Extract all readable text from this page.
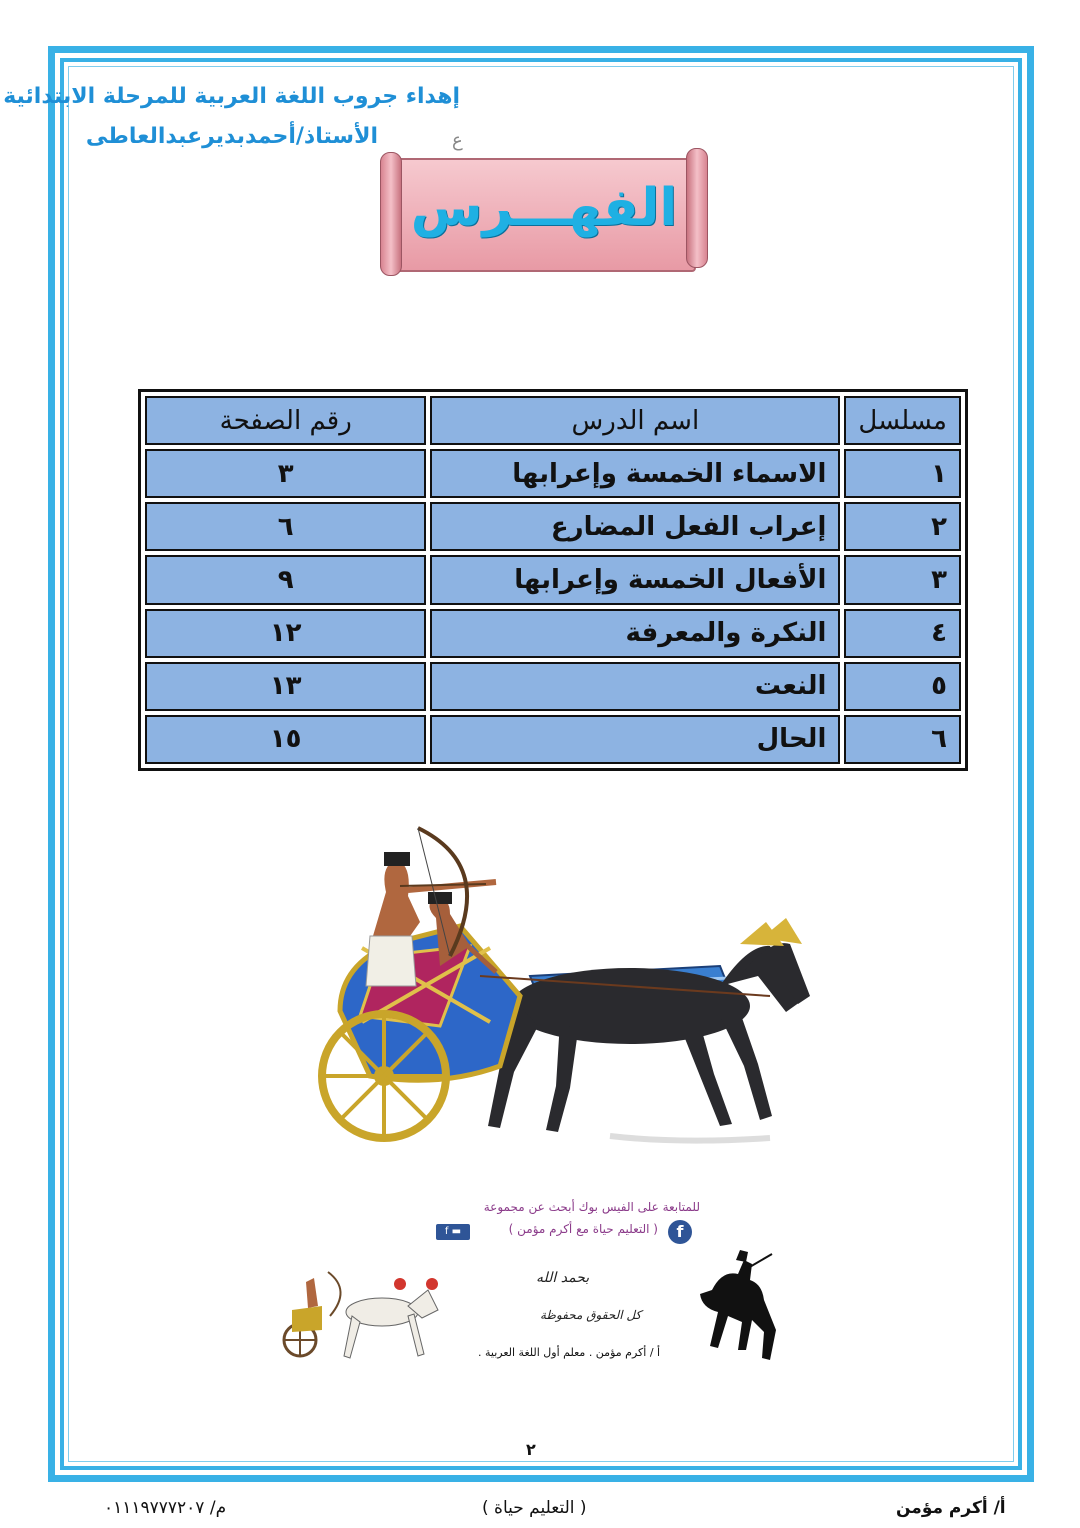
إهداء جروب اللغة العربية للمرحلة الابتدائية
الأستاذ/أحمدبديرعبدالعاطى	ع
الفهـــرس
مسلسل	اسم الدرس	رقم الصفحة
١	الاسماء الخمسة وإعرابها	٣
٢	إعراب الفعل المضارع	٦
٣	الأفعال الخمسة وإعرابها	٩
٤	النكرة والمعرفة	١٢
٥	النعت	١٣
٦	الحال	١٥
للمتابعة على الفيس بوك أبحث عن مجموعة
( التعليم حياة مع أكرم مؤمن )	f
f ▬
بحمد الله
كل الحقوق محفوظة
أ / أكرم مؤمن . معلم أول اللغة العربية .
٢
م/ ٠١١١٩٧٧٧٢٠٧	( التعليم حياة )	أ/ أكرم مؤمن
